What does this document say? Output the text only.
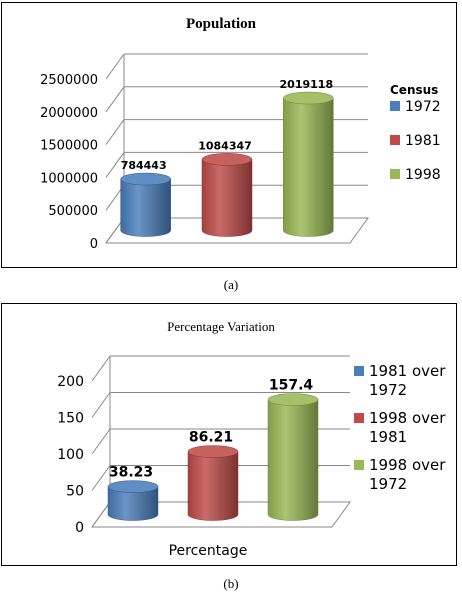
Population
0
500000
1000000
1500000
2000000
2500000
784443
1084347
2019118	Census
1972
1981
1998
(a)
Percentage Variation
0
50
100
150
200
38.23
86.21
157.4
Percentage
1981 over
1972
1998 over
1981
1998 over
1972
(b)
